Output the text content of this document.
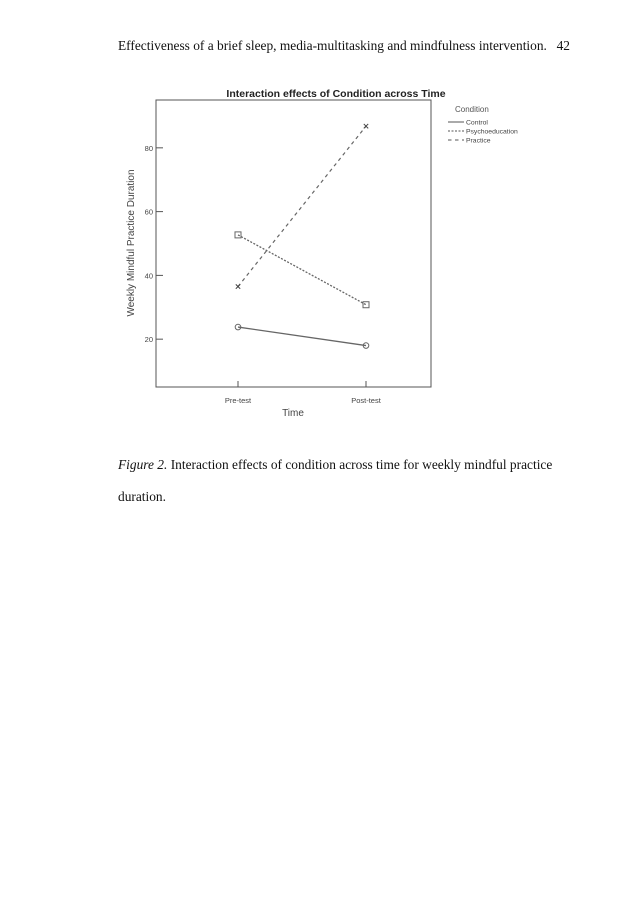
Effectiveness of a brief sleep, media-multitasking and mindfulness intervention. 42
Interaction effects of Condition across Time
20
40
60
80
Pre-test	Post-test
Time
Weekly Mindful Practice Duration
Condition
Control
Psychoeducation
Practice
Figure 2. Interaction effects of condition across time for weekly mindful practice duration.
